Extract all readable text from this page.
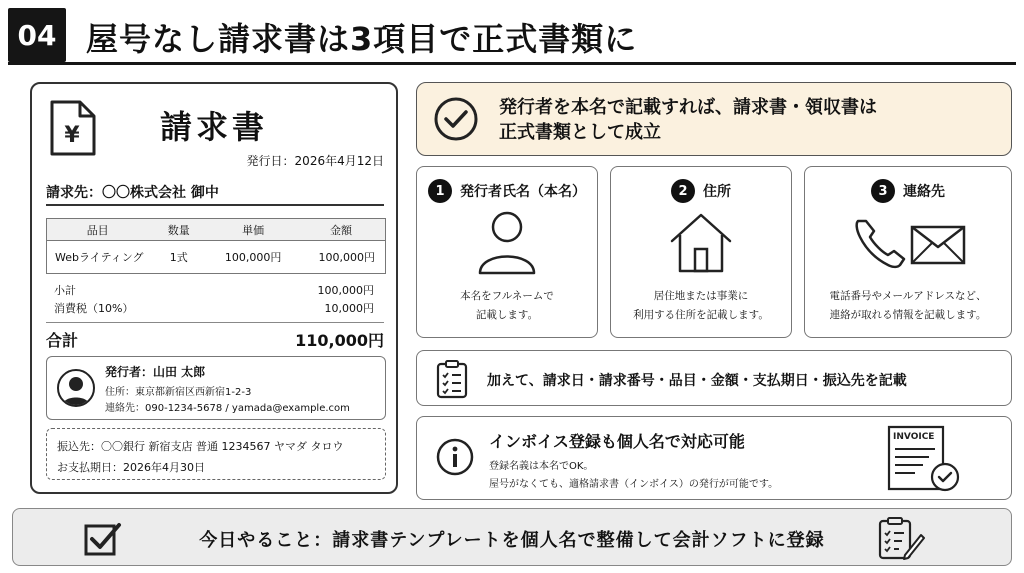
04 屋号なし請求書は3項目で正式書類に
¥	請求書
発行日：2026年4月12日
請求先：〇〇株式会社 御中
品目	数量	単価	金額
Webライティング	1式	100,000円	100,000円
小計	100,000円
消費税（10%）	10,000円
合計	110,000円
発行者：山田 太郎
住所：東京都新宿区西新宿1-2-3
連絡先：090-1234-5678 / yamada@example.com
振込先：〇〇銀行 新宿支店 普通 1234567 ヤマダ タロウ
お支払期日：2026年4月30日
発行者を本名で記載すれば、請求書・領収書は
正式書類として成立
1	発行者氏名（本名）
本名をフルネームで
記載します。
2	住所
居住地または事業に
利用する住所を記載します。
3	連絡先
電話番号やメールアドレスなど、
連絡が取れる情報を記載します。
加えて、請求日・請求番号・品目・金額・支払期日・振込先を記載
インボイス登録も個人名で対応可能
登録名義は本名でOK。
屋号がなくても、適格請求書（インボイス）の発行が可能です。
INVOICE
今日やること：請求書テンプレートを個人名で整備して会計ソフトに登録
